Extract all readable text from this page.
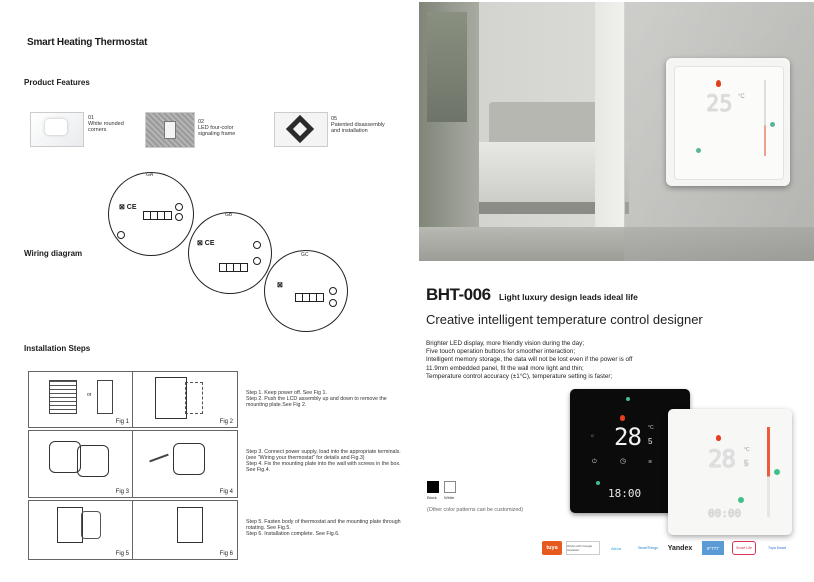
Smart Heating Thermostat
Product Features
01
White rounded corners
02
LED four-color signaling frame
05
Patented disassembly and installation
Wiring diagram
GA
⊠ CE
GB
⊠ CE
GC
⊠
Installation Steps
or
Fig 1	Fig 2
Fig 3	Fig 4
Fig 5	Fig 6
Step 1. Keep power off. See Fig 1.
Step 2. Push the LCD assembly up and down to remove the mounting plate.See Fig 2.
Step 3. Connect power supply, load into the appropriate terminals.(see "Wiring your thermostat" for details and Fig.3)
Step 4. Fix the mounting plate into the wall with screws in the box. See Fig.4.
Step 5. Fasten body of thermostat and the mounting plate through rotating. See Fig.5.
Step 6. Installation complete. See Fig.6.
25 °C
BHT-006 Light luxury design leads ideal life
Creative intelligent temperature control designer
Brighter LED display, more friendly vision during the day;
Five touch operation buttons for smoother interaction;
Intelligent memory storage, the data will not be lost even if the power is off
11.9mm embedded panel, fit the wall more light and thin;
Temperature control accuracy (±1°C), temperature setting is faster;
Black White
(Other color patterns can be customized)
28 °C
5
☼
⏻	◷	≋
18:00
28 °C
5
00:00
tuya	Works with Google Assistant	Alexa	SmartThings	Yandex	IFTTT	Smart Life	Tuya Smart
